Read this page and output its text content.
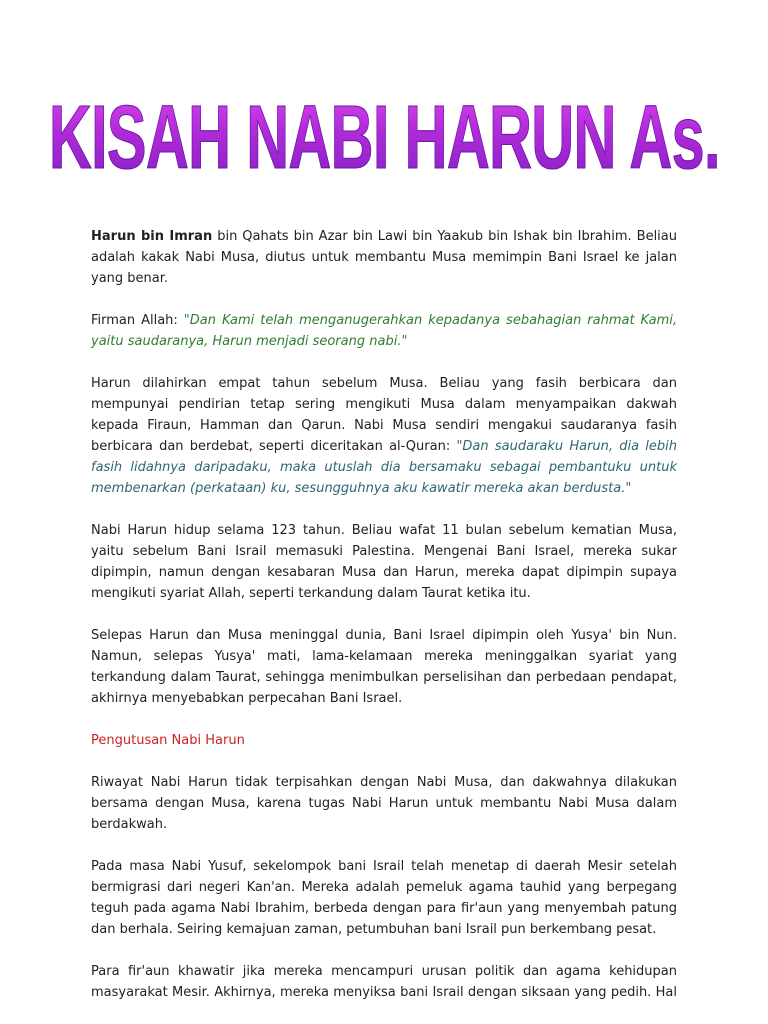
KISAH NABI HARUN As.

Harun bin Imran bin Qahats bin Azar bin Lawi bin Yaakub bin Ishak bin Ibrahim. Beliau adalah kakak Nabi Musa, diutus untuk membantu Musa memimpin Bani Israel ke jalan yang benar.

Firman Allah: "Dan Kami telah menganugerahkan kepadanya sebahagian rahmat Kami, yaitu saudaranya, Harun menjadi seorang nabi."

Harun dilahirkan empat tahun sebelum Musa. Beliau yang fasih berbicara dan mempunyai pendirian tetap sering mengikuti Musa dalam menyampaikan dakwah kepada Firaun, Hamman dan Qarun. Nabi Musa sendiri mengakui saudaranya fasih berbicara dan berdebat, seperti diceritakan al-Quran: "Dan saudaraku Harun, dia lebih fasih lidahnya daripadaku, maka utuslah dia bersamaku sebagai pembantuku untuk membenarkan (perkataan) ku, sesungguhnya aku kawatir mereka akan berdusta."

Nabi Harun hidup selama 123 tahun. Beliau wafat 11 bulan sebelum kematian Musa, yaitu sebelum Bani Israil memasuki Palestina. Mengenai Bani Israel, mereka sukar dipimpin, namun dengan kesabaran Musa dan Harun, mereka dapat dipimpin supaya mengikuti syariat Allah, seperti terkandung dalam Taurat ketika itu.

Selepas Harun dan Musa meninggal dunia, Bani Israel dipimpin oleh Yusya' bin Nun. Namun, selepas Yusya' mati, lama-kelamaan mereka meninggalkan syariat yang terkandung dalam Taurat, sehingga menimbulkan perselisihan dan perbedaan pendapat, akhirnya menyebabkan perpecahan Bani Israel.

Pengutusan Nabi Harun

Riwayat Nabi Harun tidak terpisahkan dengan Nabi Musa, dan dakwahnya dilakukan bersama dengan Musa, karena tugas Nabi Harun untuk membantu Nabi Musa dalam berdakwah.

Pada masa Nabi Yusuf, sekelompok bani Israil telah menetap di daerah Mesir setelah bermigrasi dari negeri Kan'an. Mereka adalah pemeluk agama tauhid yang berpegang teguh pada agama Nabi Ibrahim, berbeda dengan para fir'aun yang menyembah patung dan berhala. Seiring kemajuan zaman, petumbuhan bani Israil pun berkembang pesat.

Para fir'aun khawatir jika mereka mencampuri urusan politik dan agama kehidupan masyarakat Mesir. Akhirnya, mereka menyiksa bani Israil dengan siksaan yang pedih. Hal
